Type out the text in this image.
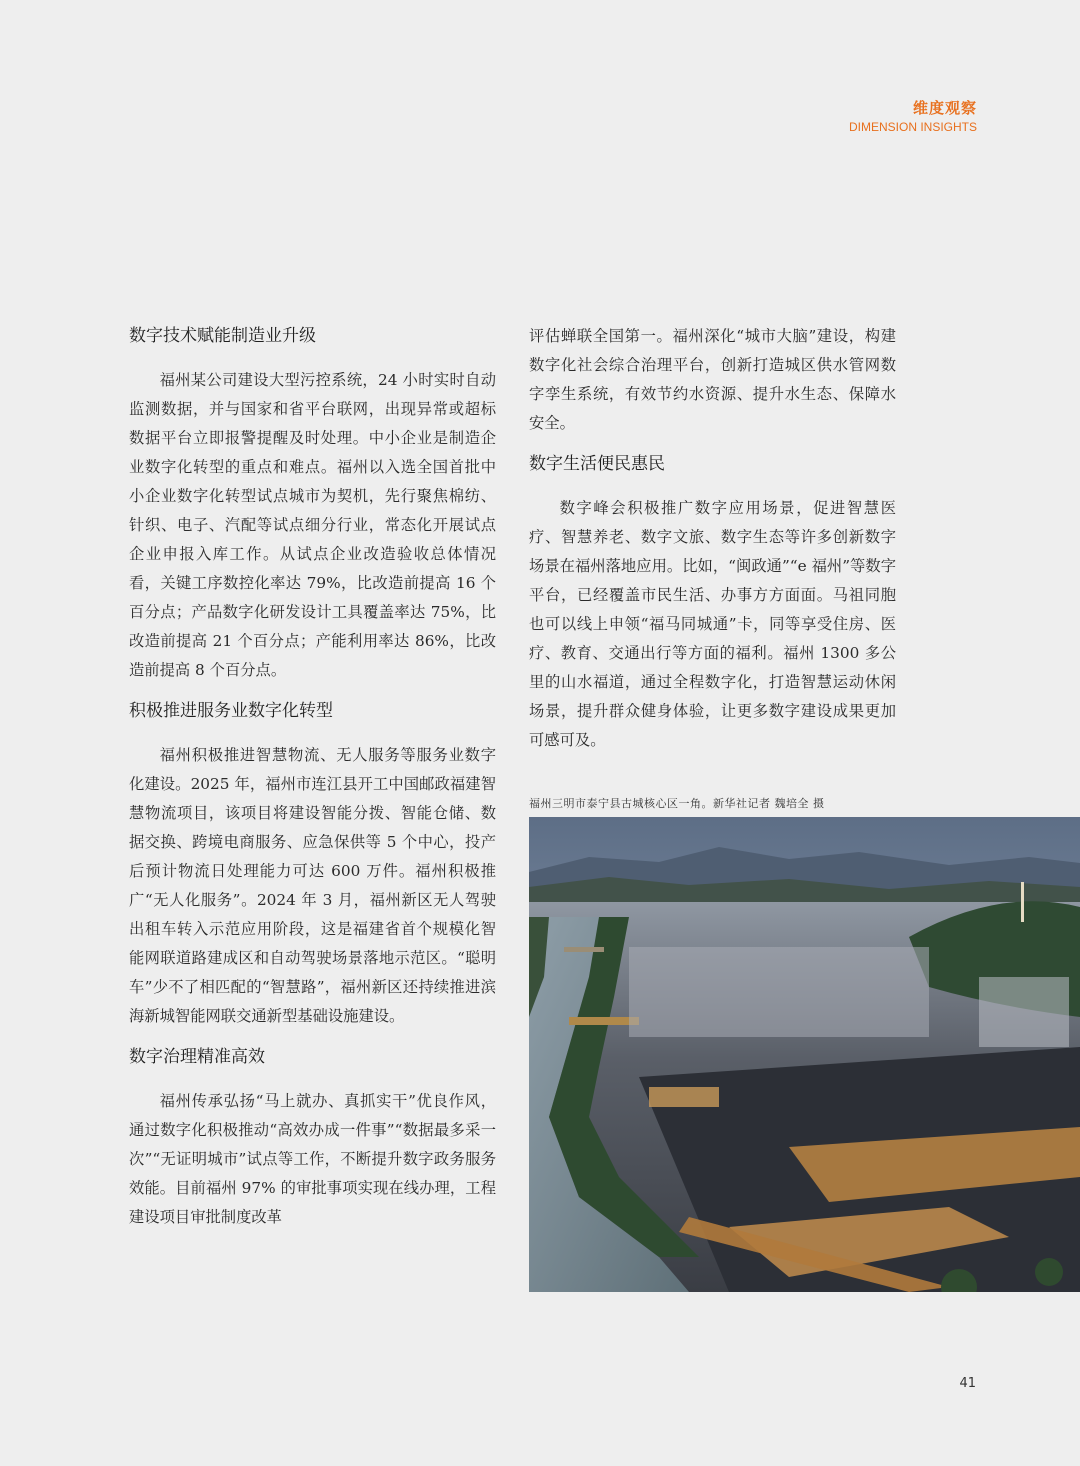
维度观察
DIMENSION INSIGHTS
数字技术赋能制造业升级

福州某公司建设大型污控系统，24 小时实时自动监测数据，并与国家和省平台联网，出现异常或超标数据平台立即报警提醒及时处理。中小企业是制造企业数字化转型的重点和难点。福州以入选全国首批中小企业数字化转型试点城市为契机，先行聚焦棉纺、针织、电子、汽配等试点细分行业，常态化开展试点企业申报入库工作。从试点企业改造验收总体情况看，关键工序数控化率达 79%，比改造前提高 16 个百分点；产品数字化研发设计工具覆盖率达 75%，比改造前提高 21 个百分点；产能利用率达 86%，比改造前提高 8 个百分点。

积极推进服务业数字化转型

福州积极推进智慧物流、无人服务等服务业数字化建设。2025 年，福州市连江县开工中国邮政福建智慧物流项目，该项目将建设智能分拨、智能仓储、数据交换、跨境电商服务、应急保供等 5 个中心，投产后预计物流日处理能力可达 600 万件。福州积极推广“无人化服务”。2024 年 3 月，福州新区无人驾驶出租车转入示范应用阶段，这是福建省首个规模化智能网联道路建成区和自动驾驶场景落地示范区。“聪明车”少不了相匹配的“智慧路”，福州新区还持续推进滨海新城智能网联交通新型基础设施建设。

数字治理精准高效

福州传承弘扬“马上就办、真抓实干”优良作风，通过数字化积极推动“高效办成一件事”“数据最多采一次”“无证明城市”试点等工作，不断提升数字政务服务效能。目前福州 97% 的审批事项实现在线办理，工程建设项目审批制度改革

评估蝉联全国第一。福州深化“城市大脑”建设，构建数字化社会综合治理平台，创新打造城区供水管网数字孪生系统，有效节约水资源、提升水生态、保障水安全。

数字生活便民惠民

数字峰会积极推广数字应用场景，促进智慧医疗、智慧养老、数字文旅、数字生态等许多创新数字场景在福州落地应用。比如，“闽政通”“e 福州”等数字平台，已经覆盖市民生活、办事方方面面。马祖同胞也可以线上申领“福马同城通”卡，同等享受住房、医疗、教育、交通出行等方面的福利。福州 1300 多公里的山水福道，通过全程数字化，打造智慧运动休闲场景，提升群众健身体验，让更多数字建设成果更加可感可及。

福州三明市泰宁县古城核心区一角。新华社记者 魏培全 摄
41
